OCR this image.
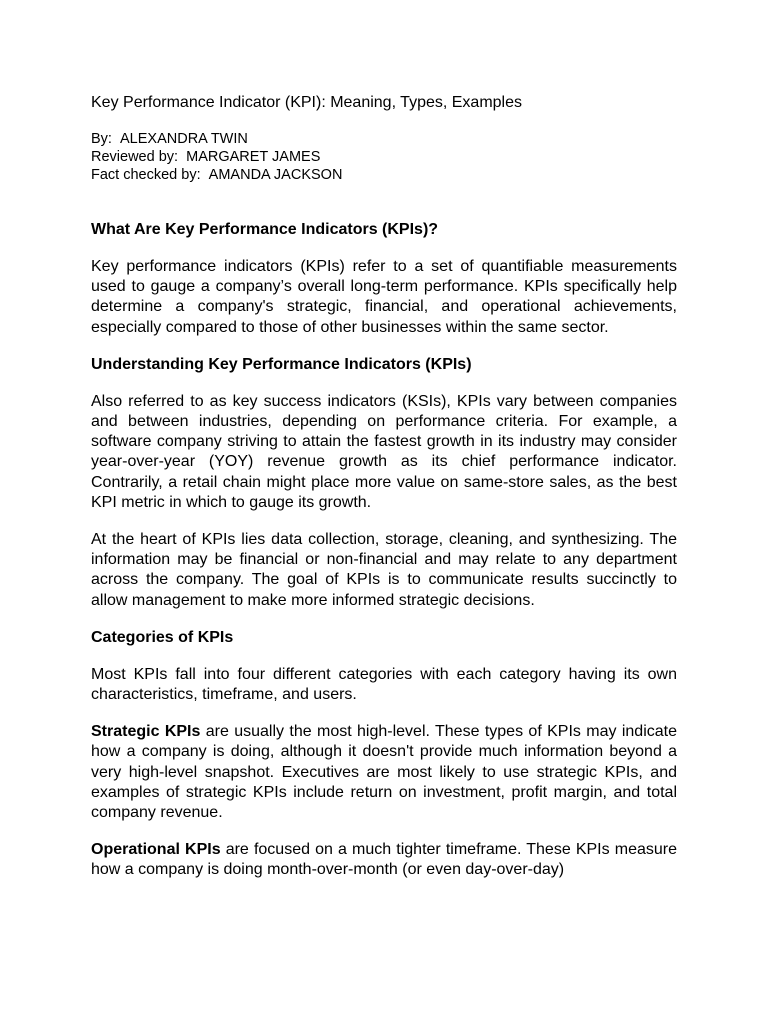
Key Performance Indicator (KPI): Meaning, Types, Examples

By: ALEXANDRA TWIN

Reviewed by: MARGARET JAMES

Fact checked by: AMANDA JACKSON

What Are Key Performance Indicators (KPIs)?

Key performance indicators (KPIs) refer to a set of quantifiable measurements used to gauge a company’s overall long-term performance. KPIs specifically help determine a company's strategic, financial, and operational achievements, especially compared to those of other businesses within the same sector.

Understanding Key Performance Indicators (KPIs)

Also referred to as key success indicators (KSIs), KPIs vary between companies and between industries, depending on performance criteria. For example, a software company striving to attain the fastest growth in its industry may consider year-over-year (YOY) revenue growth as its chief performance indicator. Contrarily, a retail chain might place more value on same-store sales, as the best KPI metric in which to gauge its growth.

At the heart of KPIs lies data collection, storage, cleaning, and synthesizing. The information may be financial or non-financial and may relate to any department across the company. The goal of KPIs is to communicate results succinctly to allow management to make more informed strategic decisions.

Categories of KPIs

Most KPIs fall into four different categories with each category having its own characteristics, timeframe, and users.

Strategic KPIs are usually the most high-level. These types of KPIs may indicate how a company is doing, although it doesn't provide much information beyond a very high-level snapshot. Executives are most likely to use strategic KPIs, and examples of strategic KPIs include return on investment, profit margin, and total company revenue.

Operational KPIs are focused on a much tighter timeframe. These KPIs measure how a company is doing month-over-month (or even day-over-day)
